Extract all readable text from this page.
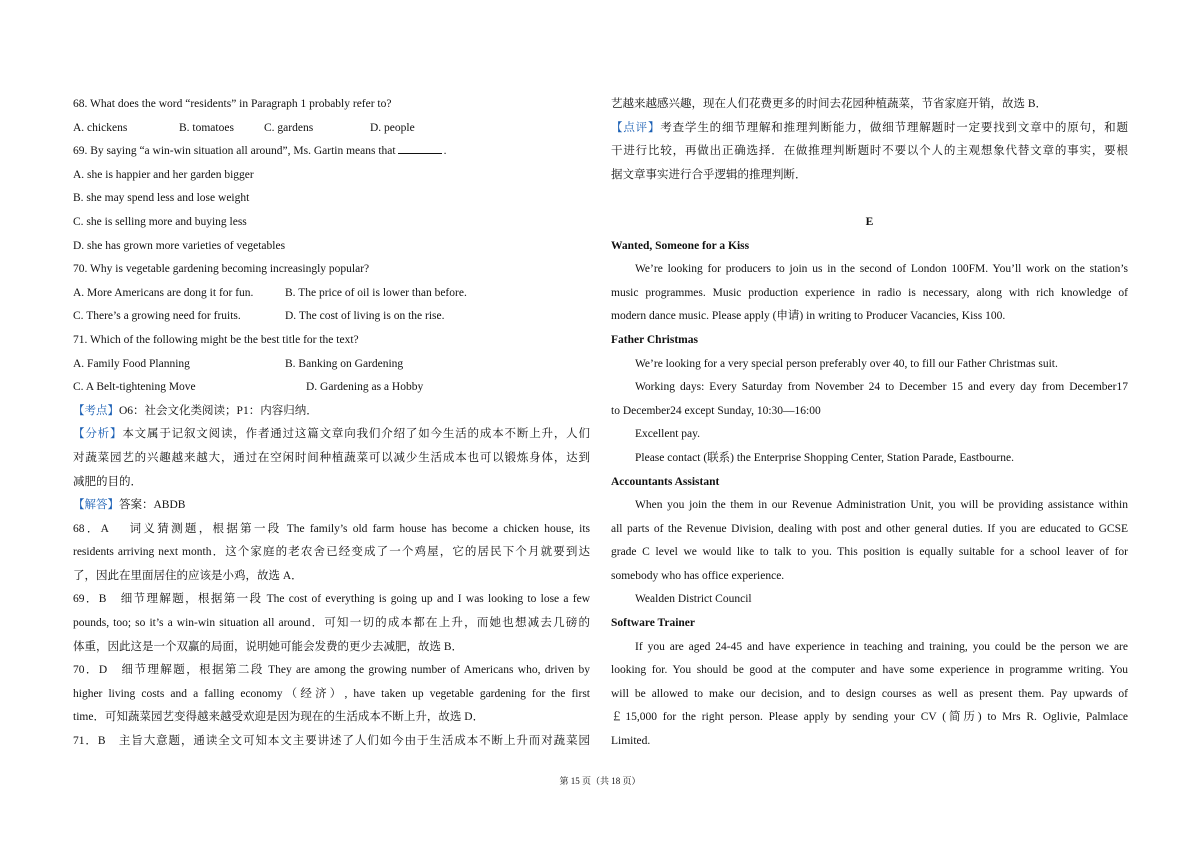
68. What does the word “residents” in Paragraph 1 probably refer to?
A. chickens	B. tomatoes	C. gardens	D. people
69. By saying “a win-win situation all around”, Ms. Gartin means that	.
A. she is happier and her garden bigger
B. she may spend less and lose weight
C. she is selling more and buying less
D. she has grown more varieties of vegetables
70. Why is vegetable gardening becoming increasingly popular?
A. More Americans are dong it for fun.	B. The price of oil is lower than before.
C. There’s a growing need for fruits.	D. The cost of living is on the rise.
71. Which of the following might be the best title for the text?
A. Family Food Planning	B. Banking on Gardening
C. A Belt-tightening Move	D. Gardening as a Hobby
【考点】O6：社会文化类阅读；P1：内容归纳．
【分析】本文属于记叙文阅读，作者通过这篇文章向我们介绍了如今生活的成本不断上升，人们
对蔬菜园艺的兴趣越来越大，通过在空闲时间种植蔬菜可以减少生活成本也可以锻炼身体，达到
减肥的目的．
【解答】答案：ABDB
68．A　 词义猜测题，根据第一段 The family’s old farm house has become a chicken house, its
residents arriving next month．这个家庭的老农舍已经变成了一个鸡屋，它的居民下个月就要到达
了，因此在里面居住的应该是小鸡，故选 A．
69．B　细节理解题，根据第一段 The cost of everything is going up and I was looking to lose a few
pounds, too; so it’s a win-win situation all around．可知一切的成本都在上升，而她也想减去几磅的
体重，因此这是一个双赢的局面，说明她可能会发费的更少去减肥，故选 B．
70．D　细节理解题，根据第二段 They are among the growing number of Americans who, driven by
higher living costs and a falling economy（经济）, have taken up vegetable gardening for the first
time．可知蔬菜园艺变得越来越受欢迎是因为现在的生活成本不断上升，故选 D．
71．B　主旨大意题，通读全文可知本文主要讲述了人们如今由于生活成本不断上升而对蔬菜园
艺越来越感兴趣，现在人们花费更多的时间去花园种植蔬菜，节省家庭开销，故选 B．
【点评】考查学生的细节理解和推理判断能力，做细节理解题时一定要找到文章中的原句，和题
干进行比较，再做出正确选择．在做推理判断题时不要以个人的主观想象代替文章的事实，要根
据文章事实进行合乎逻辑的推理判断．
E
Wanted, Someone for a Kiss
We’re looking for producers to join us in the second of London 100FM. You’ll work on the station’s
music programmes. Music production experience in radio is necessary, along with rich knowledge of
modern dance music. Please apply (申请) in writing to Producer Vacancies, Kiss 100.
Father Christmas
We’re looking for a very special person preferably over 40, to fill our Father Christmas suit.
Working days: Every Saturday from November 24 to December 15 and every day from December17
to December24 except Sunday, 10:30—16:00
Excellent pay.
Please contact (联系) the Enterprise Shopping Center, Station Parade, Eastbourne.
Accountants Assistant
When you join the them in our Revenue Administration Unit, you will be providing assistance within
all parts of the Revenue Division, dealing with post and other general duties. If you are educated to GCSE
grade C level we would like to talk to you. This position is equally suitable for a school leaver of for
somebody who has office experience.
Wealden District Council
Software Trainer
If you are aged 24-45 and have experience in teaching and training, you could be the person we are
looking for. You should be good at the computer and have some experience in programme writing. You
will be allowed to make our decision, and to design courses as well as present them. Pay upwards of
￡15,000 for the right person. Please apply by sending your CV (简历) to Mrs R. Oglivie, Palmlace
Limited.
第 15 页（共 18 页）
